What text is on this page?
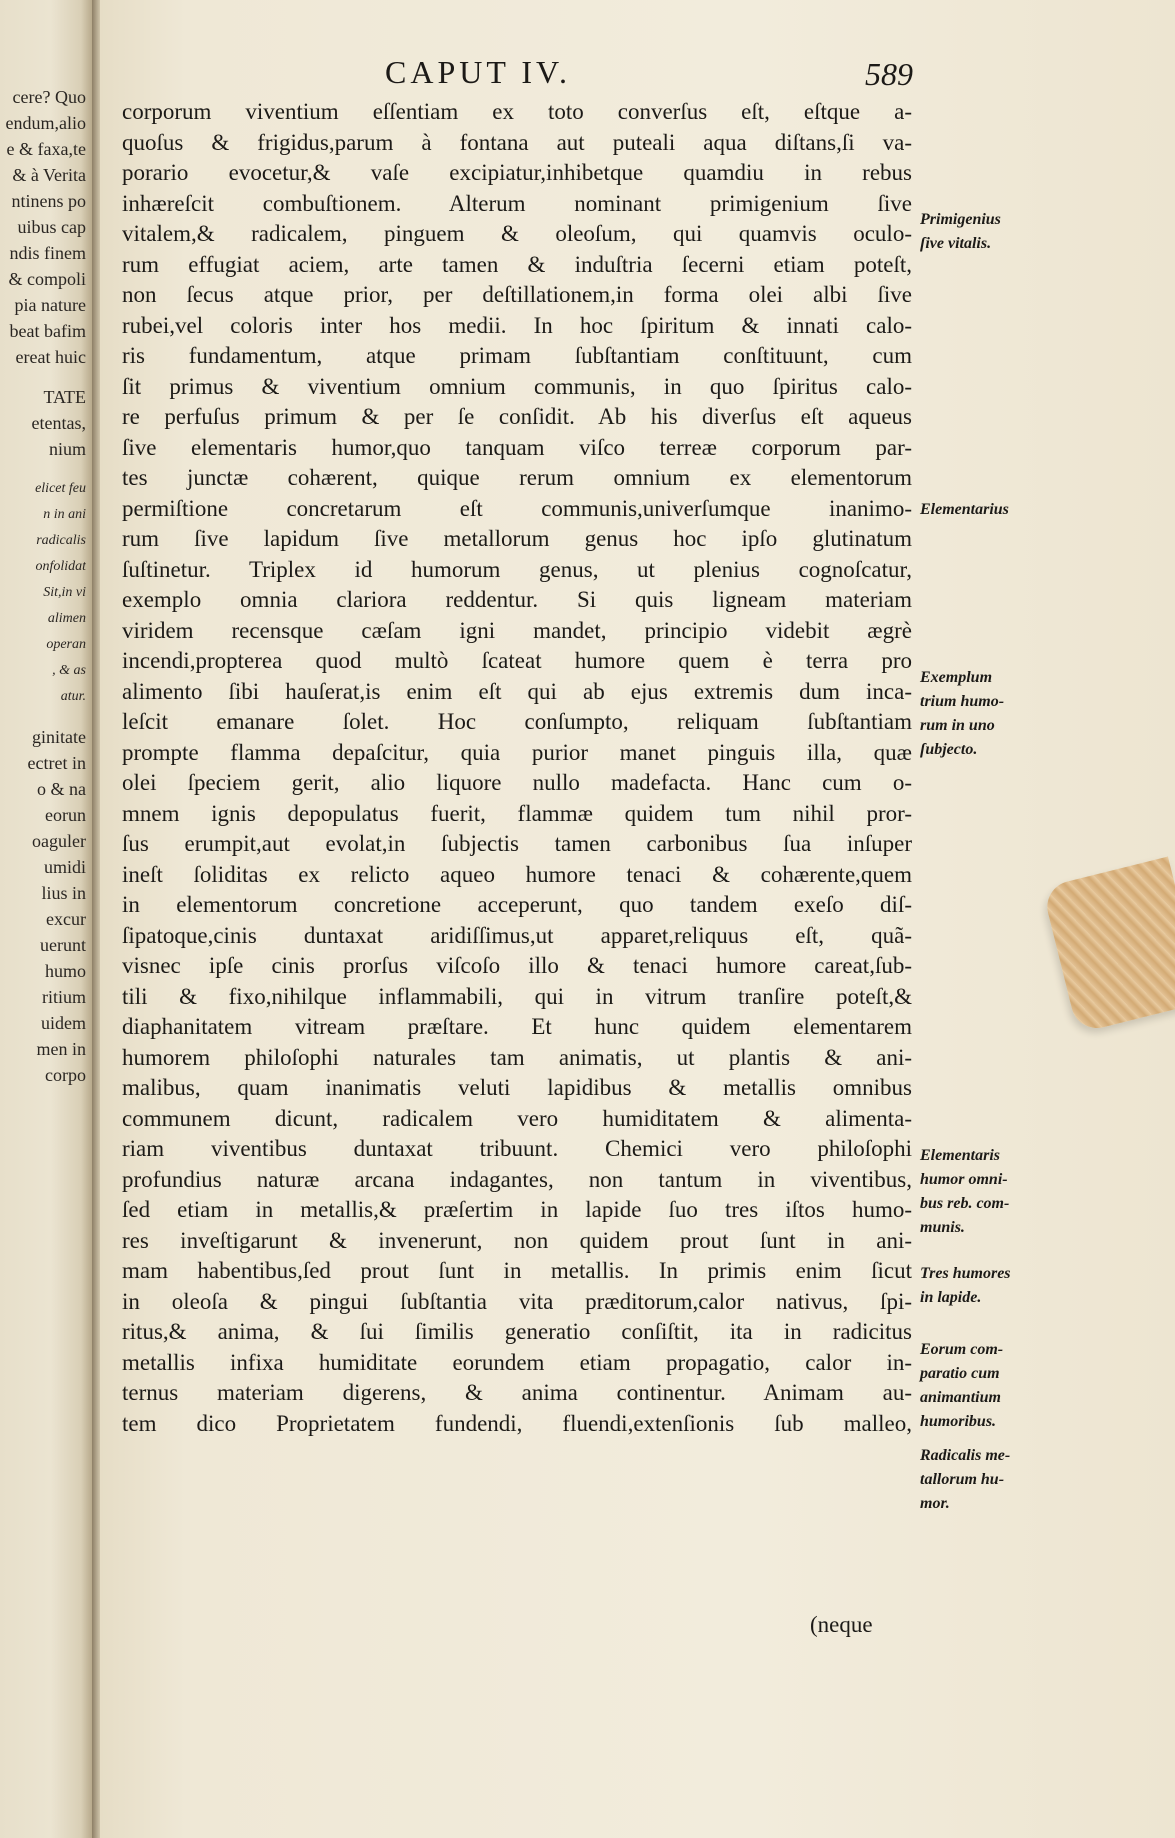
cere? Quo
endum,alio
e & faxa,te
& à Verita
ntinens po
uibus cap
ndis finem
& compoli
pia nature
beat bafim
ereat huic
TATE
etentas,
nium
elicet feu
n in ani
radicalis
onfolidat
Sit,in vi
alimen
operan
, & as
atur.
ginitate
ectret in
o & na
eorun
oaguler
umidi
lius in
excur
uerunt
humo
ritium
uidem
men in
corpo
CAPUT IV.	589
corporum viventium eſſentiam ex toto converſus eſt, eſtque a-
quoſus & frigidus,parum à fontana aut puteali aqua diſtans,ſi va-
porario evocetur,& vaſe excipiatur,inhibetque quamdiu in rebus
inhæreſcit combuſtionem. Alterum nominant primigenium ſive
vitalem,& radicalem, pinguem & oleoſum, qui quamvis oculo-
rum effugiat aciem, arte tamen & induſtria ſecerni etiam poteſt,
non ſecus atque prior, per deſtillationem,in forma olei albi ſive
rubei,vel coloris inter hos medii. In hoc ſpiritum & innati calo-
ris fundamentum, atque primam ſubſtantiam conſtituunt, cum
ſit primus & viventium omnium communis, in quo ſpiritus calo-
re perfuſus primum & per ſe conſidit. Ab his diverſus eſt aqueus
ſive elementaris humor,quo tanquam viſco terreæ corporum par-
tes junctæ cohærent, quique rerum omnium ex elementorum
permiſtione concretarum eſt communis,univerſumque inanimo-
rum ſive lapidum ſive metallorum genus hoc ipſo glutinatum
ſuſtinetur. Triplex id humorum genus, ut plenius cognoſcatur,
exemplo omnia clariora reddentur. Si quis ligneam materiam
viridem recensque cæſam igni mandet, principio videbit ægrè
incendi,propterea quod multò ſcateat humore quem è terra pro
alimento ſibi hauſerat,is enim eſt qui ab ejus extremis dum inca-
leſcit emanare ſolet. Hoc conſumpto, reliquam ſubſtantiam
prompte flamma depaſcitur, quia purior manet pinguis illa, quæ
olei ſpeciem gerit, alio liquore nullo madefacta. Hanc cum o-
mnem ignis depopulatus fuerit, flammæ quidem tum nihil pror-
ſus erumpit,aut evolat,in ſubjectis tamen carbonibus ſua inſuper
ineſt ſoliditas ex relicto aqueo humore tenaci & cohærente,quem
in elementorum concretione acceperunt, quo tandem exeſo diſ-
ſipatoque,cinis duntaxat aridiſſimus,ut apparet,reliquus eſt, quã-
visnec ipſe cinis prorſus viſcoſo illo & tenaci humore careat,ſub-
tili & fixo,nihilque inflammabili, qui in vitrum tranſire poteſt,&
diaphanitatem vitream præſtare. Et hunc quidem elementarem
humorem philoſophi naturales tam animatis, ut plantis & ani-
malibus, quam inanimatis veluti lapidibus & metallis omnibus
communem dicunt, radicalem vero humiditatem & alimenta-
riam viventibus duntaxat tribuunt. Chemici vero philoſophi
profundius naturæ arcana indagantes, non tantum in viventibus,
ſed etiam in metallis,& præſertim in lapide ſuo tres iſtos humo-
res inveſtigarunt & invenerunt, non quidem prout ſunt in ani-
mam habentibus,ſed prout ſunt in metallis. In primis enim ſicut
in oleoſa & pingui ſubſtantia vita præditorum,calor nativus, ſpi-
ritus,& anima, & ſui ſimilis generatio conſiſtit, ita in radicitus
metallis infixa humiditate eorundem etiam propagatio, calor in-
ternus materiam digerens, & anima continentur. Animam au-
tem dico Proprietatem fundendi, fluendi,extenſionis ſub malleo,
Primigenius
ſive vitalis.
Elementarius
Exemplum
trium humo-
rum in uno
ſubjecto.
Elementaris
humor omni-
bus reb. com-
munis.
Tres humores
in lapide.
Eorum com-
paratio cum
animantium
humoribus.
Radicalis me-
tallorum hu-
mor.
(neque
